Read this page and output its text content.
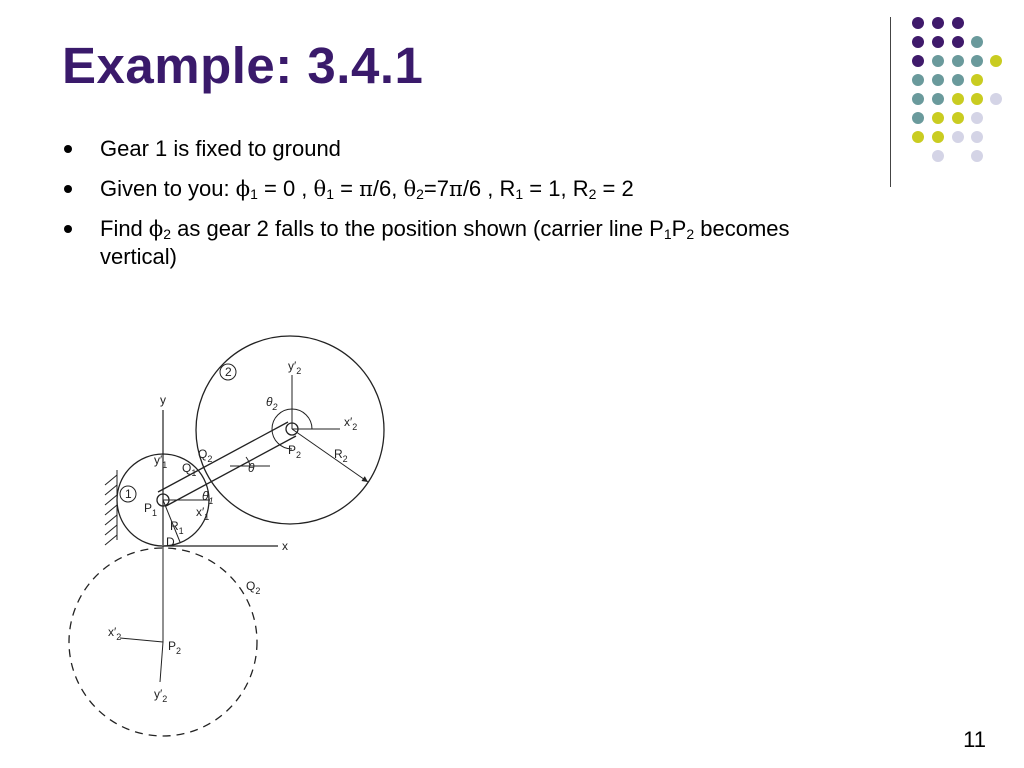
Example: 3.4.1
Gear 1 is fixed to ground
Given to you: $\phi_1 = 0$ , $\theta_1 = \pi/6$, $\theta_2=7\pi/6$ , $R_1 = 1$, $R_2 = 2$
Find $\phi_2$ as gear 2 falls to the position shown (carrier line $P_1P_2$ becomes vertical)
2
1
y
x
$y'_2$
$x'_2$
$\theta_2$
$Q_2$
$P_2$	$R_2$
$y'_1$ $Q_1$	θ
$\theta_1$
$P_1$	$x'_1$
$R_1$
D
$Q_2$
$x'_2$
$P_2$
$y'_2$
11
